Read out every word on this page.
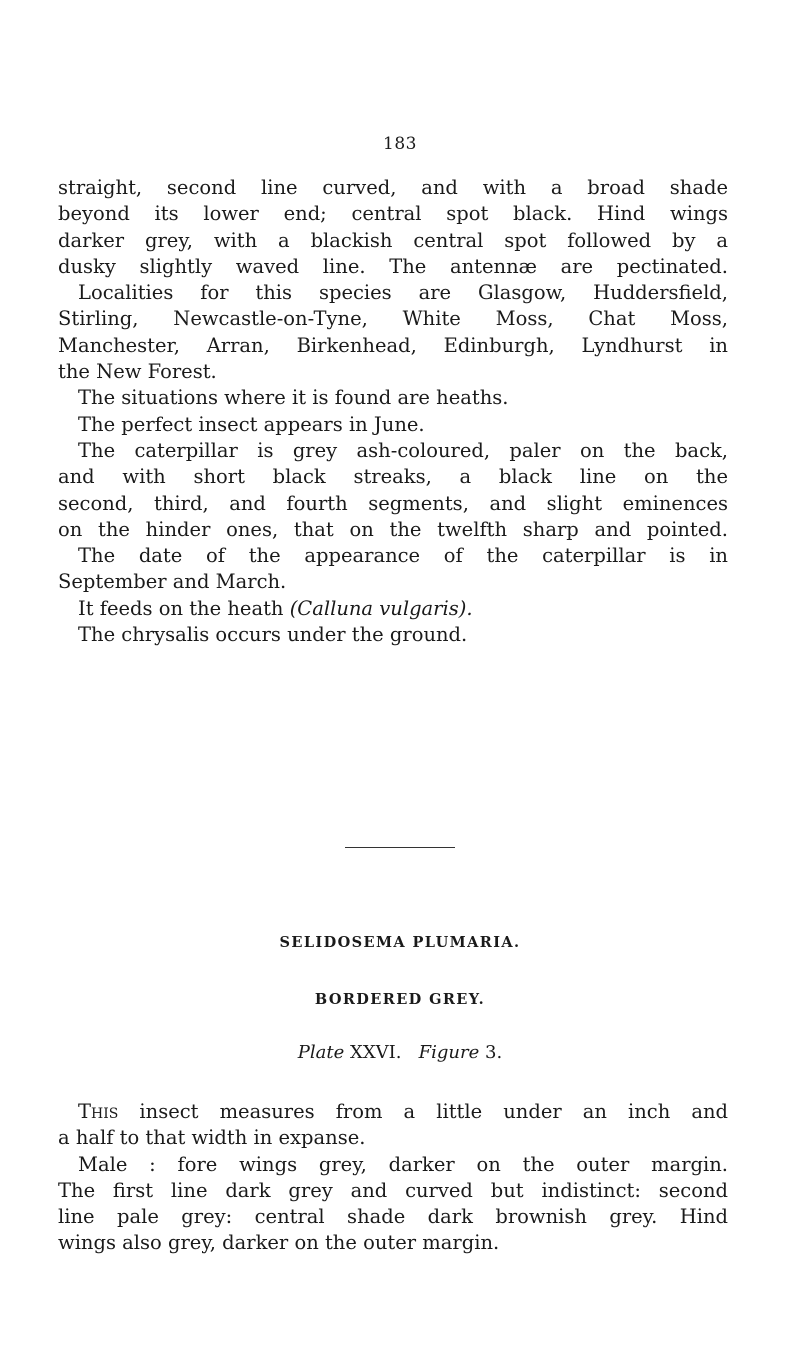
183
straight, second line curved, and with a broad shade
beyond its lower end; central spot black. Hind wings
darker grey, with a blackish central spot followed by a
dusky slightly waved line. The antennæ are pectinated.
Localities for this species are Glasgow, Huddersfield,
Stirling, Newcastle-on-Tyne, White Moss, Chat Moss,
Manchester, Arran, Birkenhead, Edinburgh, Lyndhurst in
the New Forest.
The situations where it is found are heaths.
The perfect insect appears in June.
The caterpillar is grey ash-coloured, paler on the back,
and with short black streaks, a black line on the
second, third, and fourth segments, and slight eminences
on the hinder ones, that on the twelfth sharp and pointed.
The date of the appearance of the caterpillar is in
September and March.
It feeds on the heath (Calluna vulgaris).
The chrysalis occurs under the ground.
SELIDOSEMA PLUMARIA.
BORDERED GREY.
Plate XXVI. Figure 3.
This insect measures from a little under an inch and
a half to that width in expanse.
Male : fore wings grey, darker on the outer margin.
The first line dark grey and curved but indistinct: second
line pale grey: central shade dark brownish grey. Hind
wings also grey, darker on the outer margin.
